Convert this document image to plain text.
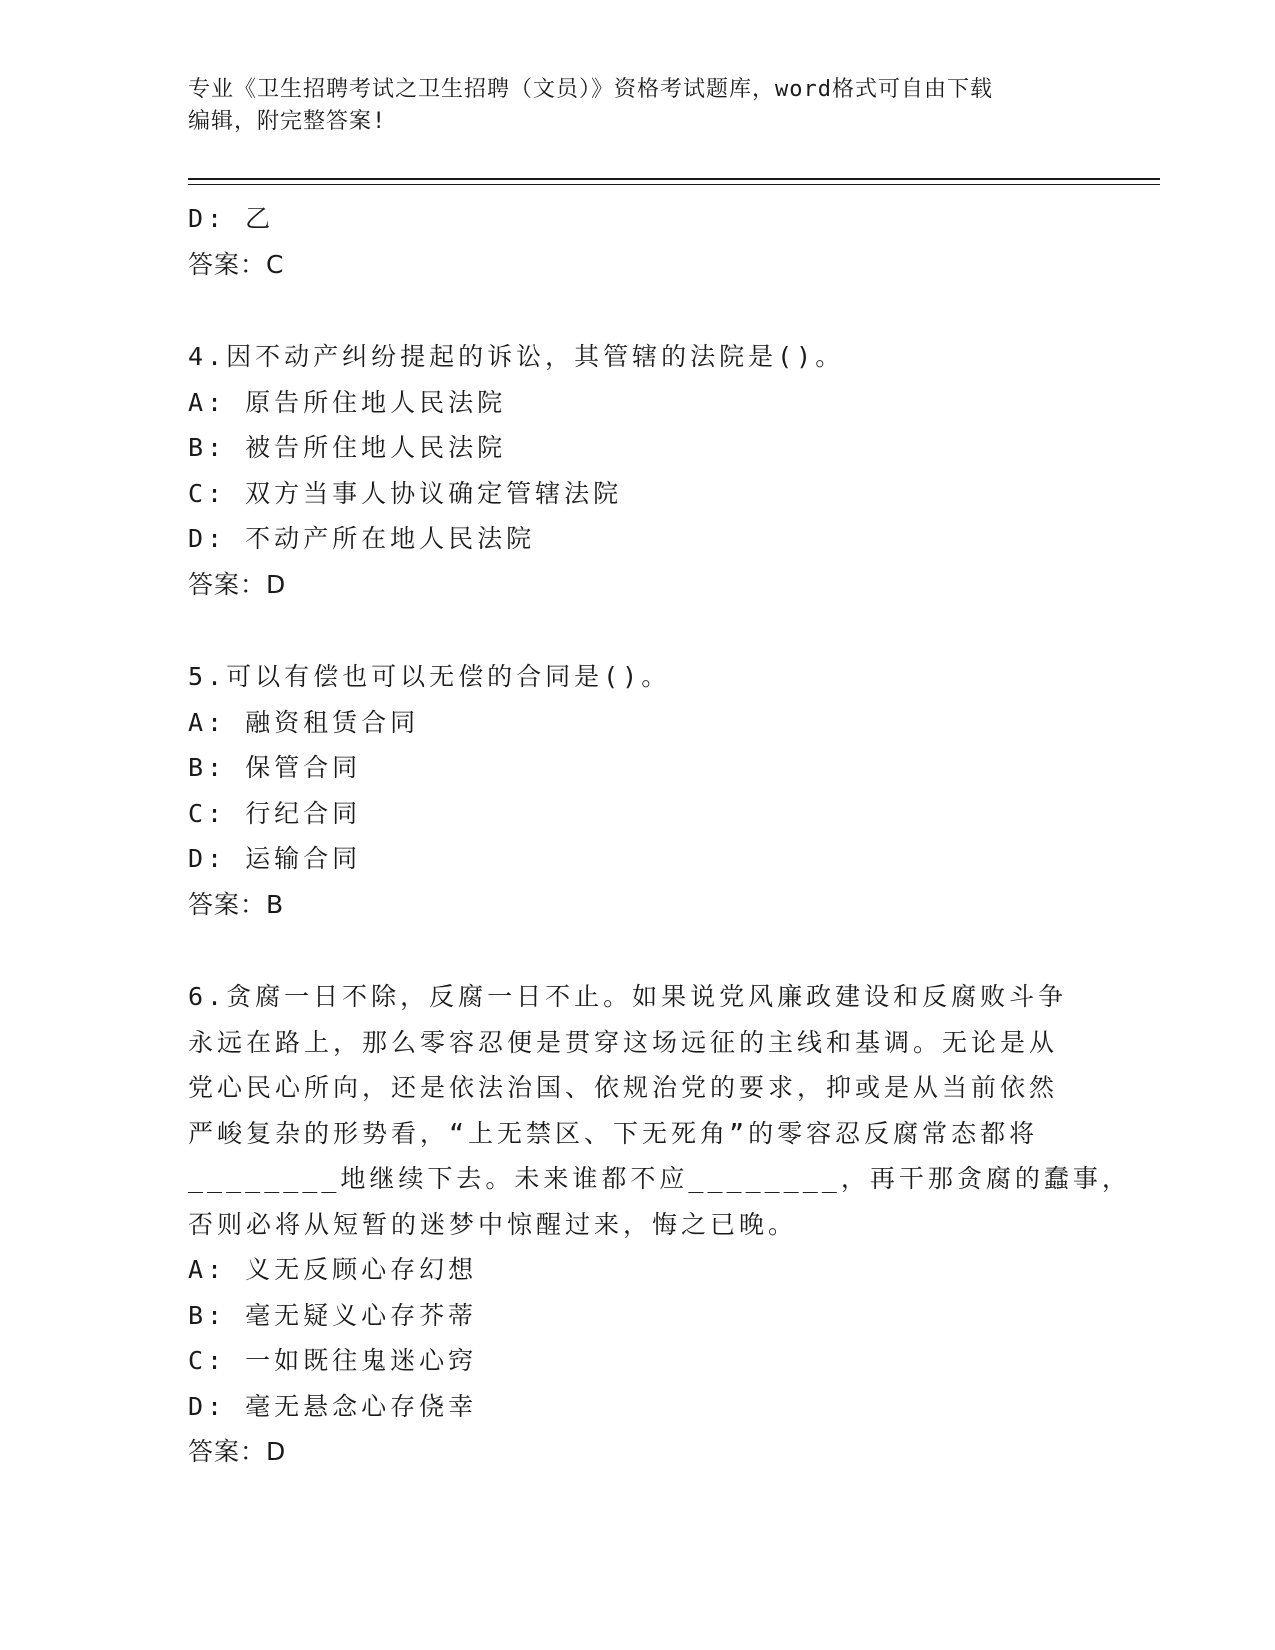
专业《卫生招聘考试之卫生招聘（文员）》资格考试题库，word格式可自由下载
编辑，附完整答案!
D: 乙
答案：C
4.因不动产纠纷提起的诉讼，其管辖的法院是()。
A: 原告所住地人民法院
B: 被告所住地人民法院
C: 双方当事人协议确定管辖法院
D: 不动产所在地人民法院
答案：D
5.可以有偿也可以无偿的合同是()。
A: 融资租赁合同
B: 保管合同
C: 行纪合同
D: 运输合同
答案：B
6.贪腐一日不除，反腐一日不止。如果说党风廉政建设和反腐败斗争
永远在路上，那么零容忍便是贯穿这场远征的主线和基调。无论是从
党心民心所向，还是依法治国、依规治党的要求，抑或是从当前依然
严峻复杂的形势看，“上无禁区、下无死角”的零容忍反腐常态都将
________地继续下去。未来谁都不应________，再干那贪腐的蠢事，
否则必将从短暂的迷梦中惊醒过来，悔之已晚。
A: 义无反顾心存幻想
B: 毫无疑义心存芥蒂
C: 一如既往鬼迷心窍
D: 毫无悬念心存侥幸
答案：D
